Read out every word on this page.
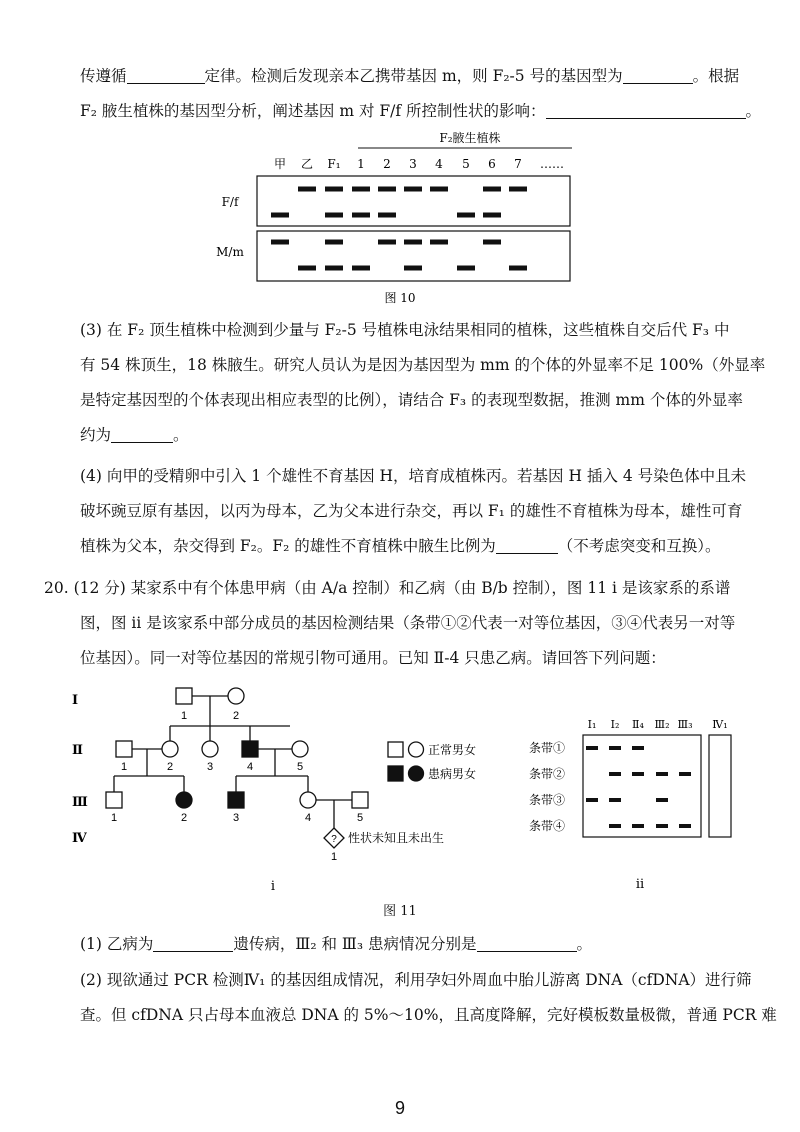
传遵循	定律。检测后发现亲本乙携带基因 m，则 F₂-5 号的基因型为	。根据
F₂ 腋生植株的基因型分析，阐述基因 m 对 F/f 所控制性状的影响：	。
F₂腋生植株
甲 乙 F₁ 1 2 3 4 5 6 7 ……
F/f
M/m
图 10
(3) 在 F₂ 顶生植株中检测到少量与 F₂-5 号植株电泳结果相同的植株，这些植株自交后代 F₃ 中
有 54 株顶生，18 株腋生。研究人员认为是因为基因型为 mm 的个体的外显率不足 100%（外显率
是特定基因型的个体表现出相应表型的比例），请结合 F₃ 的表现型数据，推测 mm 个体的外显率
约为	。
(4) 向甲的受精卵中引入 1 个雄性不育基因 H，培育成植株丙。若基因 H 插入 4 号染色体中且未
破坏豌豆原有基因，以丙为母本，乙为父本进行杂交，再以 F₁ 的雄性不育植株为母本，雄性可育
植株为父本，杂交得到 F₂。F₂ 的雄性不育植株中腋生比例为	（不考虑突变和互换）。
20. (12 分) 某家系中有个体患甲病（由 A/a 控制）和乙病（由 B/b 控制），图 11 ⅰ 是该家系的系谱
图，图 ⅱ 是该家系中部分成员的基因检测结果（条带①②代表一对等位基因，③④代表另一对等
位基因）。同一对等位基因的常规引物可通用。已知 Ⅱ-4 只患乙病。请回答下列问题：
Ⅰ
Ⅱ
Ⅲ
Ⅳ
1	2
1	2	3	4	5
1	2	3	4	5
1
? 性状未知且未出生
正常男女
患病男女
i
Ⅰ₁ Ⅰ₂ Ⅱ₄ Ⅲ₂ Ⅲ₃ Ⅳ₁
条带①
条带②
条带③
条带④
ii
图 11
(1) 乙病为	遗传病，Ⅲ₂ 和 Ⅲ₃ 患病情况分别是	。
(2) 现欲通过 PCR 检测Ⅳ₁ 的基因组成情况，利用孕妇外周血中胎儿游离 DNA（cfDNA）进行筛
查。但 cfDNA 只占母本血液总 DNA 的 5%～10%，且高度降解，完好模板数量极微，普通 PCR 难
9
